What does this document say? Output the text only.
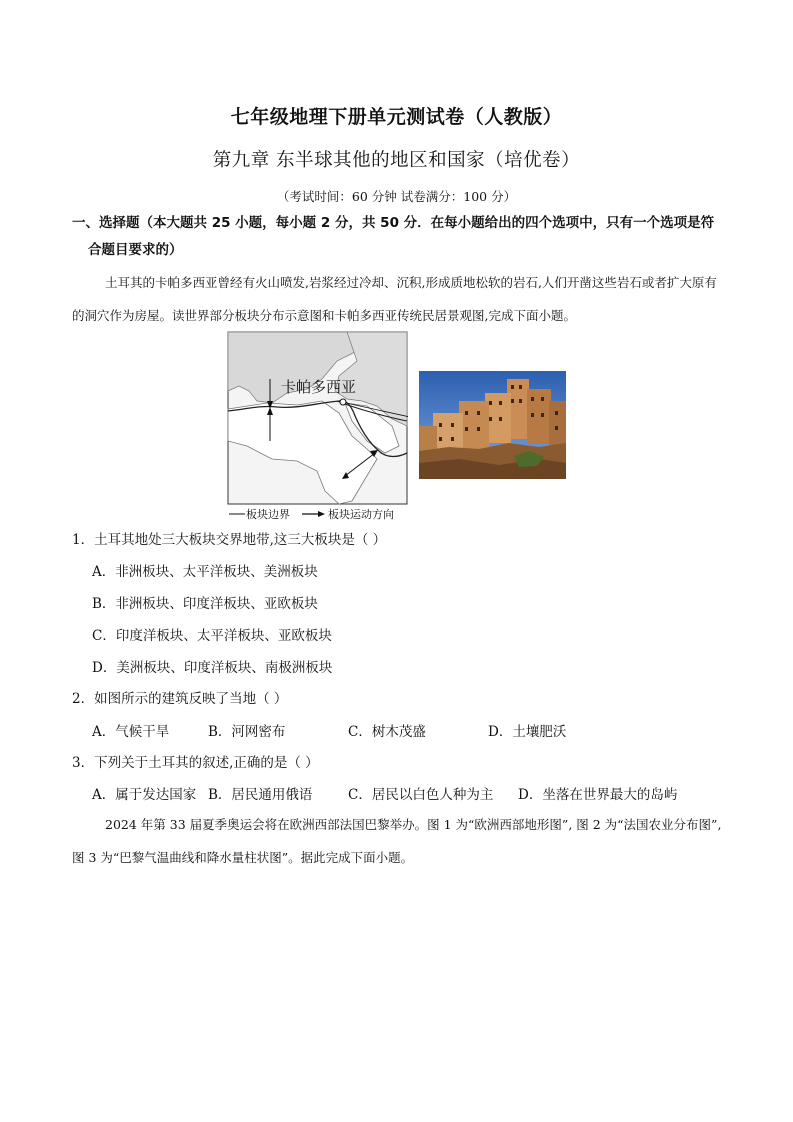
七年级地理下册单元测试卷（人教版）
第九章 东半球其他的地区和国家（培优卷）
（考试时间：60 分钟 试卷满分：100 分）
一、选择题（本大题共 25 小题，每小题 2 分，共 50 分．在每小题给出的四个选项中，只有一个选项是符
合题目要求的）
土耳其的卡帕多西亚曾经有火山喷发,岩浆经过冷却、沉积,形成质地松软的岩石,人们开凿这些岩石或者扩大原有的洞穴作为房屋。读世界部分板块分布示意图和卡帕多西亚传统民居景观图,完成下面小题。
卡帕多西亚
板块边界	板块运动方向
1．土耳其地处三大板块交界地带,这三大板块是（ ）
A．非洲板块、太平洋板块、美洲板块
B．非洲板块、印度洋板块、亚欧板块
C．印度洋板块、太平洋板块、亚欧板块
D．美洲板块、印度洋板块、南极洲板块
2．如图所示的建筑反映了当地（ ）
A．气候干旱	B．河网密布	C．树木茂盛	D．土壤肥沃
3．下列关于土耳其的叙述,正确的是（ ）
A．属于发达国家 B．居民通用俄语	C．居民以白色人种为主 D．坐落在世界最大的岛屿
2024 年第 33 届夏季奥运会将在欧洲西部法国巴黎举办。图 1 为“欧洲西部地形图”, 图 2 为“法国农业分布图”, 图 3 为“巴黎气温曲线和降水量柱状图”。据此完成下面小题。
